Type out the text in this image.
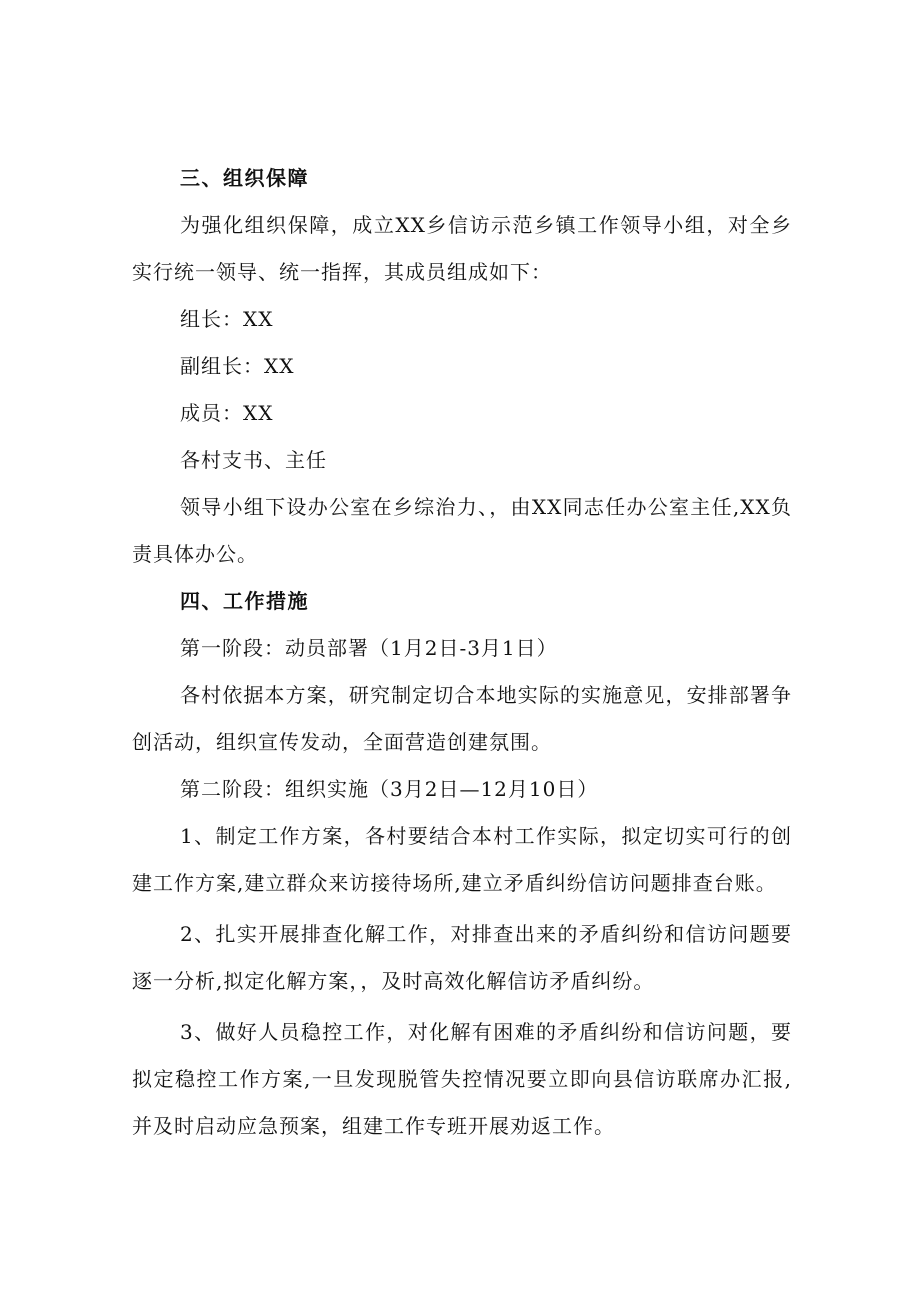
三、组织保障

为强化组织保障，成立XX乡信访示范乡镇工作领导小组，对全乡实行统一领导、统一指挥，其成员组成如下：

组长：XX

副组长：XX

成员：XX

各村支书、主任

领导小组下设办公室在乡综治力、，由XX同志任办公室主任,XX负责具体办公。

四、工作措施

第一阶段：动员部署（1月2日-3月1日）

各村依据本方案，研究制定切合本地实际的实施意见，安排部署争创活动，组织宣传发动，全面营造创建氛围。

第二阶段：组织实施（3月2日—12月10日）

1、制定工作方案，各村要结合本村工作实际，拟定切实可行的创建工作方案,建立群众来访接待场所,建立矛盾纠纷信访问题排查台账。

2、扎实开展排查化解工作，对排查出来的矛盾纠纷和信访问题要逐一分析,拟定化解方案，，及时高效化解信访矛盾纠纷。

3、做好人员稳控工作，对化解有困难的矛盾纠纷和信访问题，要拟定稳控工作方案,一旦发现脱管失控情况要立即向县信访联席办汇报,并及时启动应急预案，组建工作专班开展劝返工作。
